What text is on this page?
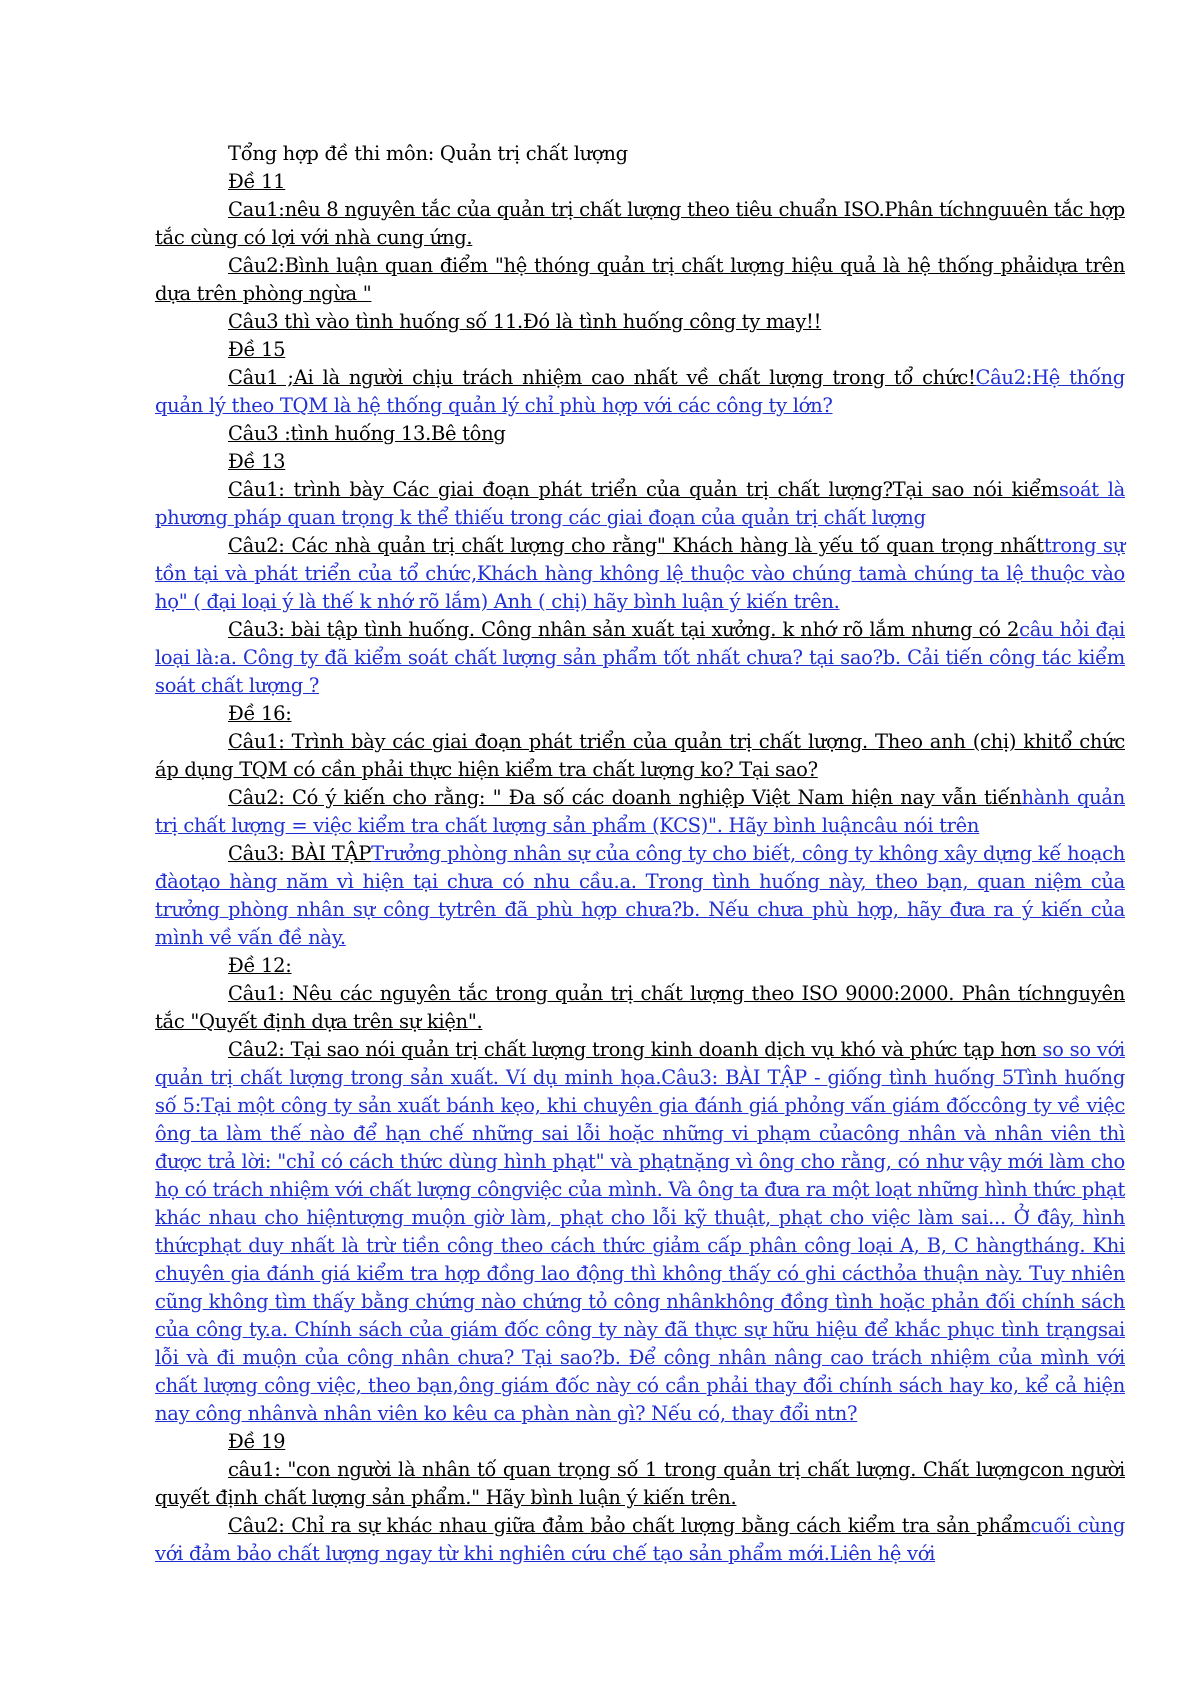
Tổng hợp đề thi môn: Quản trị chất lượng

Đề 11

Cau1:nêu 8 nguyên tắc của quản trị chất lượng theo tiêu chuẩn ISO.Phân tíchnguuên tắc hợp tắc cùng có lợi với nhà cung ứng.

Câu2:Bình luận quan điểm "hệ thóng quản trị chất lượng hiệu quả là hệ thống phảidựa trên dựa trên phòng ngừa "

Câu3 thì vào tình huống số 11.Đó là tình huống công ty may!!

Đề 15

Câu1 ;Ai là người chịu trách nhiệm cao nhất về chất lượng trong tổ chức!Câu2:Hệ thống quản lý theo TQM là hệ thống quản lý chỉ phù hợp với các công ty lớn?

Câu3 :tình huống 13.Bê tông

Đề 13

Câu1: trình bày Các giai đoạn phát triển của quản trị chất lượng?Tại sao nói kiểmsoát là phương pháp quan trọng k thể thiếu trong các giai đoạn của quản trị chất lượng

Câu2: Các nhà quản trị chất lượng cho rằng" Khách hàng là yếu tố quan trọng nhấttrong sự tồn tại và phát triển của tổ chức,Khách hàng không lệ thuộc vào chúng tamà chúng ta lệ thuộc vào họ" ( đại loại ý là thế k nhớ rõ lắm) Anh ( chị) hãy bình luận ý kiến trên.

Câu3: bài tập tình huống. Công nhân sản xuất tại xưởng. k nhớ rõ lắm nhưng có 2câu hỏi đại loại là:a. Công ty đã kiểm soát chất lượng sản phẩm tốt nhất chưa? tại sao?b. Cải tiến công tác kiểm soát chất lượng ?

Đề 16:

Câu1: Trình bày các giai đoạn phát triển của quản trị chất lượng. Theo anh (chị) khitổ chức áp dụng TQM có cần phải thực hiện kiểm tra chất lượng ko? Tại sao?

Câu2: Có ý kiến cho rằng: " Đa số các doanh nghiệp Việt Nam hiện nay vẫn tiếnhành quản trị chất lượng = việc kiểm tra chất lượng sản phẩm (KCS)". Hãy bình luậncâu nói trên

Câu3: BÀI TẬPTrưởng phòng nhân sự của công ty cho biết, công ty không xây dựng kế hoạch đàotạo hàng năm vì hiện tại chưa có nhu cầu.a. Trong tình huống này, theo bạn, quan niệm của trưởng phòng nhân sự công tytrên đã phù hợp chưa?b. Nếu chưa phù hợp, hãy đưa ra ý kiến của mình về vấn đề này.

Đề 12:

Câu1: Nêu các nguyên tắc trong quản trị chất lượng theo ISO 9000:2000. Phân tíchnguyên tắc "Quyết định dựa trên sự kiện".

Câu2: Tại sao nói quản trị chất lượng trong kinh doanh dịch vụ khó và phức tạp hơn so so với quản trị chất lượng trong sản xuất. Ví dụ minh họa.Câu3: BÀI TẬP - giống tình huống 5Tình huống số 5:Tại một công ty sản xuất bánh kẹo, khi chuyên gia đánh giá phỏng vấn giám đốccông ty về việc ông ta làm thế nào để hạn chế những sai lỗi hoặc những vi phạm củacông nhân và nhân viên thì được trả lời: "chỉ có cách thức dùng hình phạt" và phạtnặng vì ông cho rằng, có như vậy mới làm cho họ có trách nhiệm với chất lượng côngviệc của mình. Và ông ta đưa ra một loạt những hình thức phạt khác nhau cho hiệntượng muộn giờ làm, phạt cho lỗi kỹ thuật, phạt cho việc làm sai... Ở đây, hình thứcphạt duy nhất là trừ tiền công theo cách thức giảm cấp phân công loại A, B, C hàngtháng. Khi chuyên gia đánh giá kiểm tra hợp đồng lao động thì không thấy có ghi cácthỏa thuận này. Tuy nhiên cũng không tìm thấy bằng chứng nào chứng tỏ công nhânkhông đồng tình hoặc phản đối chính sách của công ty.a. Chính sách của giám đốc công ty này đã thực sự hữu hiệu để khắc phục tình trạngsai lỗi và đi muộn của công nhân chưa? Tại sao?b. Để công nhân nâng cao trách nhiệm của mình với chất lượng công việc, theo bạn,ông giám đốc này có cần phải thay đổi chính sách hay ko, kể cả hiện nay công nhânvà nhân viên ko kêu ca phàn nàn gì? Nếu có, thay đổi ntn?

Đề 19

câu1: "con người là nhân tố quan trọng số 1 trong quản trị chất lượng. Chất lượngcon người quyết định chất lượng sản phẩm." Hãy bình luận ý kiến trên.

Câu2: Chỉ ra sự khác nhau giữa đảm bảo chất lượng bằng cách kiểm tra sản phẩmcuối cùng với đảm bảo chất lượng ngay từ khi nghiên cứu chế tạo sản phẩm mới.Liên hệ với
